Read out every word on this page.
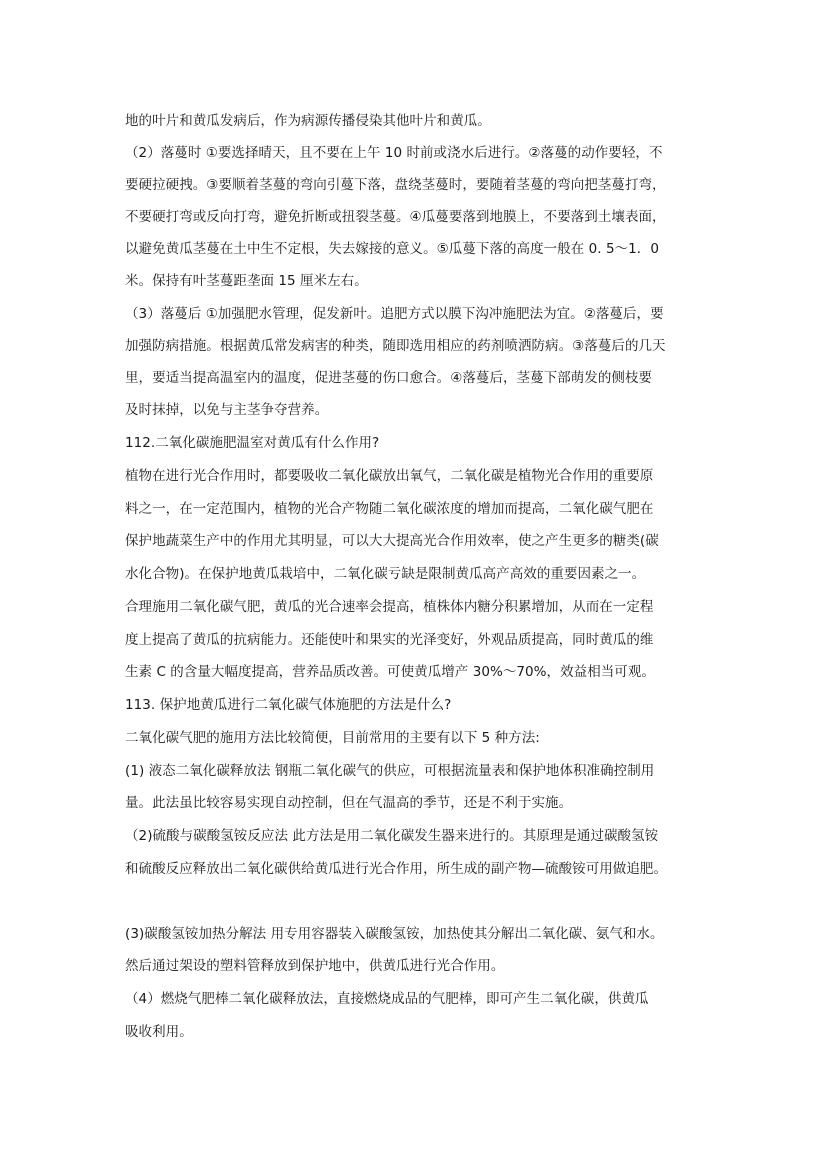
地的叶片和黄瓜发病后，作为病源传播侵染其他叶片和黄瓜。
（2）落蔓时 ①要选择晴天，且不要在上午 10 时前或浇水后进行。②落蔓的动作要轻，不
要硬拉硬拽。③要顺着茎蔓的弯向引蔓下落，盘绕茎蔓时，要随着茎蔓的弯向把茎蔓打弯，
不要硬打弯或反向打弯，避免折断或扭裂茎蔓。④瓜蔓要落到地膜上，不要落到土壤表面，
以避免黄瓜茎蔓在土中生不定根，失去嫁接的意义。⑤瓜蔓下落的高度一般在 0. 5～1．0
米。保持有叶茎蔓距垄面 15 厘米左右。
（3）落蔓后 ①加强肥水管理，促发新叶。追肥方式以膜下沟冲施肥法为宜。②落蔓后，要
加强防病措施。根据黄瓜常发病害的种类，随即选用相应的药剂喷洒防病。③落蔓后的几天
里，要适当提高温室内的温度，促进茎蔓的伤口愈合。④落蔓后，茎蔓下部萌发的侧枝要
及时抹掉，以免与主茎争夺营养。
112.二氧化碳施肥温室对黄瓜有什么作用?
植物在进行光合作用时，都要吸收二氧化碳放出氧气，二氧化碳是植物光合作用的重要原
料之一，在一定范围内，植物的光合产物随二氧化碳浓度的增加而提高，二氧化碳气肥在
保护地蔬菜生产中的作用尤其明显，可以大大提高光合作用效率，使之产生更多的糖类(碳
水化合物)。在保护地黄瓜栽培中，二氧化碳亏缺是限制黄瓜高产高效的重要因素之一。
合理施用二氧化碳气肥，黄瓜的光合速率会提高，植株体内糖分积累增加，从而在一定程
度上提高了黄瓜的抗病能力。还能使叶和果实的光泽变好，外观品质提高，同时黄瓜的维
生素 C 的含量大幅度提高，营养品质改善。可使黄瓜增产 30%～70%，效益相当可观。
113. 保护地黄瓜进行二氧化碳气体施肥的方法是什么?
二氧化碳气肥的施用方法比较简便，目前常用的主要有以下 5 种方法:
(1) 液态二氧化碳释放法 钢瓶二氧化碳气的供应，可根据流量表和保护地体积准确控制用
量。此法虽比较容易实现自动控制，但在气温高的季节，还是不利于实施。
（2)硫酸与碳酸氢铵反应法 此方法是用二氧化碳发生器来进行的。其原理是通过碳酸氢铵
和硫酸反应释放出二氧化碳供给黄瓜进行光合作用，所生成的副产物—硫酸铵可用做追肥。
(3)碳酸氢铵加热分解法 用专用容器装入碳酸氢铵，加热使其分解出二氧化碳、氨气和水。
然后通过架设的塑料管释放到保护地中，供黄瓜进行光合作用。
（4）燃烧气肥棒二氧化碳释放法，直接燃烧成品的气肥棒，即可产生二氧化碳，供黄瓜
吸收利用。
